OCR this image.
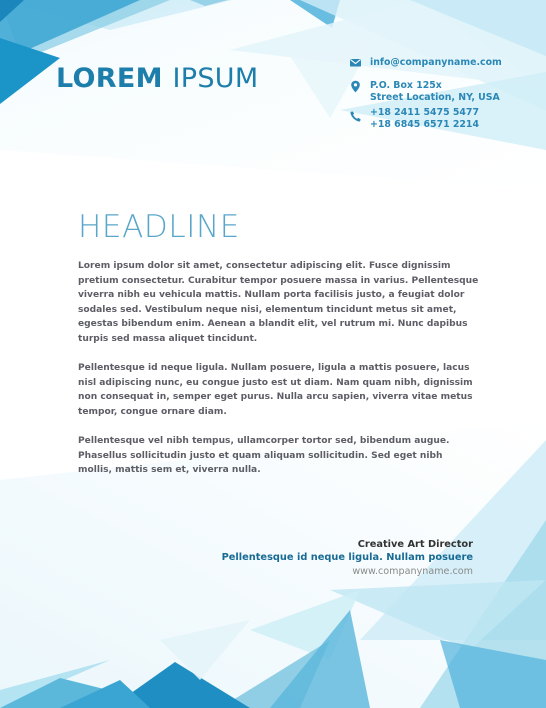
LOREM IPSUM
info@companyname.com
P.O. Box 125x
Street Location, NY, USA
+18 2411 5475 5477
+18 6845 6571 2214
HEADLINE

Lorem ipsum dolor sit amet, consectetur adipiscing elit. Fusce dignissim pretium consectetur. Curabitur tempor posuere massa in varius. Pellentesque viverra nibh eu vehicula mattis. Nullam porta facilisis justo, a feugiat dolor sodales sed. Vestibulum neque nisi, elementum tincidunt metus sit amet, egestas bibendum enim. Aenean a blandit elit, vel rutrum mi. Nunc dapibus turpis sed massa aliquet tincidunt.

Pellentesque id neque ligula. Nullam posuere, ligula a mattis posuere, lacus nisl adipiscing nunc, eu congue justo est ut diam. Nam quam nibh, dignissim non consequat in, semper eget purus. Nulla arcu sapien, viverra vitae metus tempor, congue ornare diam.

Pellentesque vel nibh tempus, ullamcorper tortor sed, bibendum augue. Phasellus sollicitudin justo et quam aliquam sollicitudin. Sed eget nibh mollis, mattis sem et, viverra nulla.

Creative Art Director
Pellentesque id neque ligula. Nullam posuere
www.companyname.com
